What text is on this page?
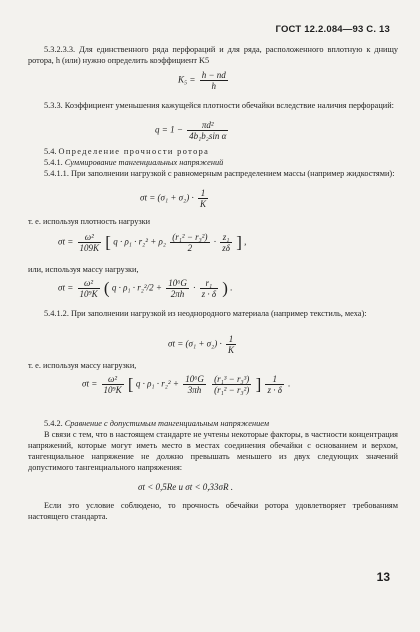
ГОСТ 12.2.084—93 С. 13
5.3.2.3.3. Для единственного ряда перфораций и для ряда, расположенного вплотную к днищу ротора, h (или) нужно определить коэффициент K5
$K_5 = \frac{h - nd}{h}$
5.3.3. Коэффициент уменьшения кажущейся плотности обечайки вследствие наличия перфораций:
$q = 1 - \frac{\text{πd²}}{\text{4b₁b₂sin α}}$
5.4. Определение прочности ротора
5.4.1. Суммирование тангенциальных напряжений
5.4.1.1. При заполнении нагрузкой с равномерным распределением массы (например жидкостями):
$\sigma t = (\sigma_1 + \sigma_2) \cdot \frac{1}{K}$
т. е. используя плотность нагрузки
$\sigma t = \frac{\text{ω²}}{109K}$ [ $q \cdot \rho_1 \cdot r_2^2 + \rho_2 \frac{\text{(r₁² − r₃²)}}{2} \cdot \frac{\text{z₁}}{z\delta}$ ] ,
или, используя массу нагрузки,
$\sigma t = \frac{\text{ω²}}{\text{10⁹K}}$ ( $q \cdot \rho_1 \cdot r_2^2/2 + \frac{\text{10⁶G}}{2\pi h} \cdot \frac{\text{r₁}}{z \cdot \delta}$ ) .
5.4.1.2. При заполнении нагрузкой из неоднородного материала (например текстиль, меха):
$\sigma t = (\sigma_1 + \sigma_2) \cdot \frac{1}{K}$
т. е. используя массу нагрузки,
$\sigma t = \frac{\text{ω²}}{\text{10⁹K}}$ [ $q \cdot \rho_1 \cdot r_2^2 + \frac{\text{10⁶G}}{3\pi h}$
$\frac{\text{(r₁³ − r₃³)}}{\text{(r₁² − r₃²)}}$ ] $\frac{1}{z \cdot \delta}$ .
5.4.2. Сравнение с допустимым тангенциальным напряжением
В связи с тем, что в настоящем стандарте не учтены некоторые факторы, в частности концентрация напряжений, которые могут иметь место в местах соединения обечайки с основанием и верхом, тангенциальное напряжение не должно превышать меньшего из двух следующих значений допустимого тангенциального напряжения:
σt < 0,5Re и σt < 0,33σR .
Если это условие соблюдено, то прочность обечайки ротора удовлетворяет требованиям настоящего стандарта.
13
